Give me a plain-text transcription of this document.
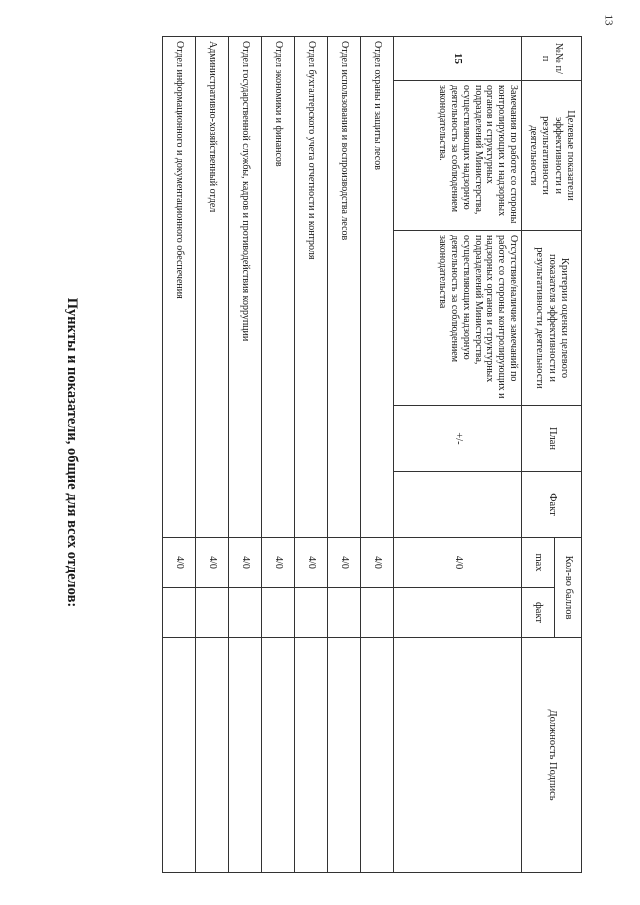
13
№№ п/п	Целевые показатели эффективности и результативности деятельности	Критерии оценки целевого показателя эффективности и результативности деятельности	План	Факт	Кол-во баллов		Должность Подпись
					max	факт	
15	Замечания по работе со стороны контролирующих и надзорных органов и структурных подразделений Министерства, осуществляющих надзорную деятельность за соблюдением законодательства.	Отсутствие/наличие замечаний по работе со стороны контролирующих и надзорных органов и структурных подразделений Министерства, осуществляющих надзорную деятельность за соблюдением законодательства	+/-		4/0		
Отдел охраны и защиты лесов					4/0		
Отдел использования и воспроизводства лесов					4/0		
Отдел бухгалтерского учета отчетности и контроля					4/0		
Отдел экономики и финансов					4/0		
Отдел государственной службы, кадров и противодействия коррупции					4/0		
Административно-хозяйственный отдел					4/0		
Отдел информационного и документационного обеспечения					4/0		
Пункты и показатели, общие для всех отделов:
